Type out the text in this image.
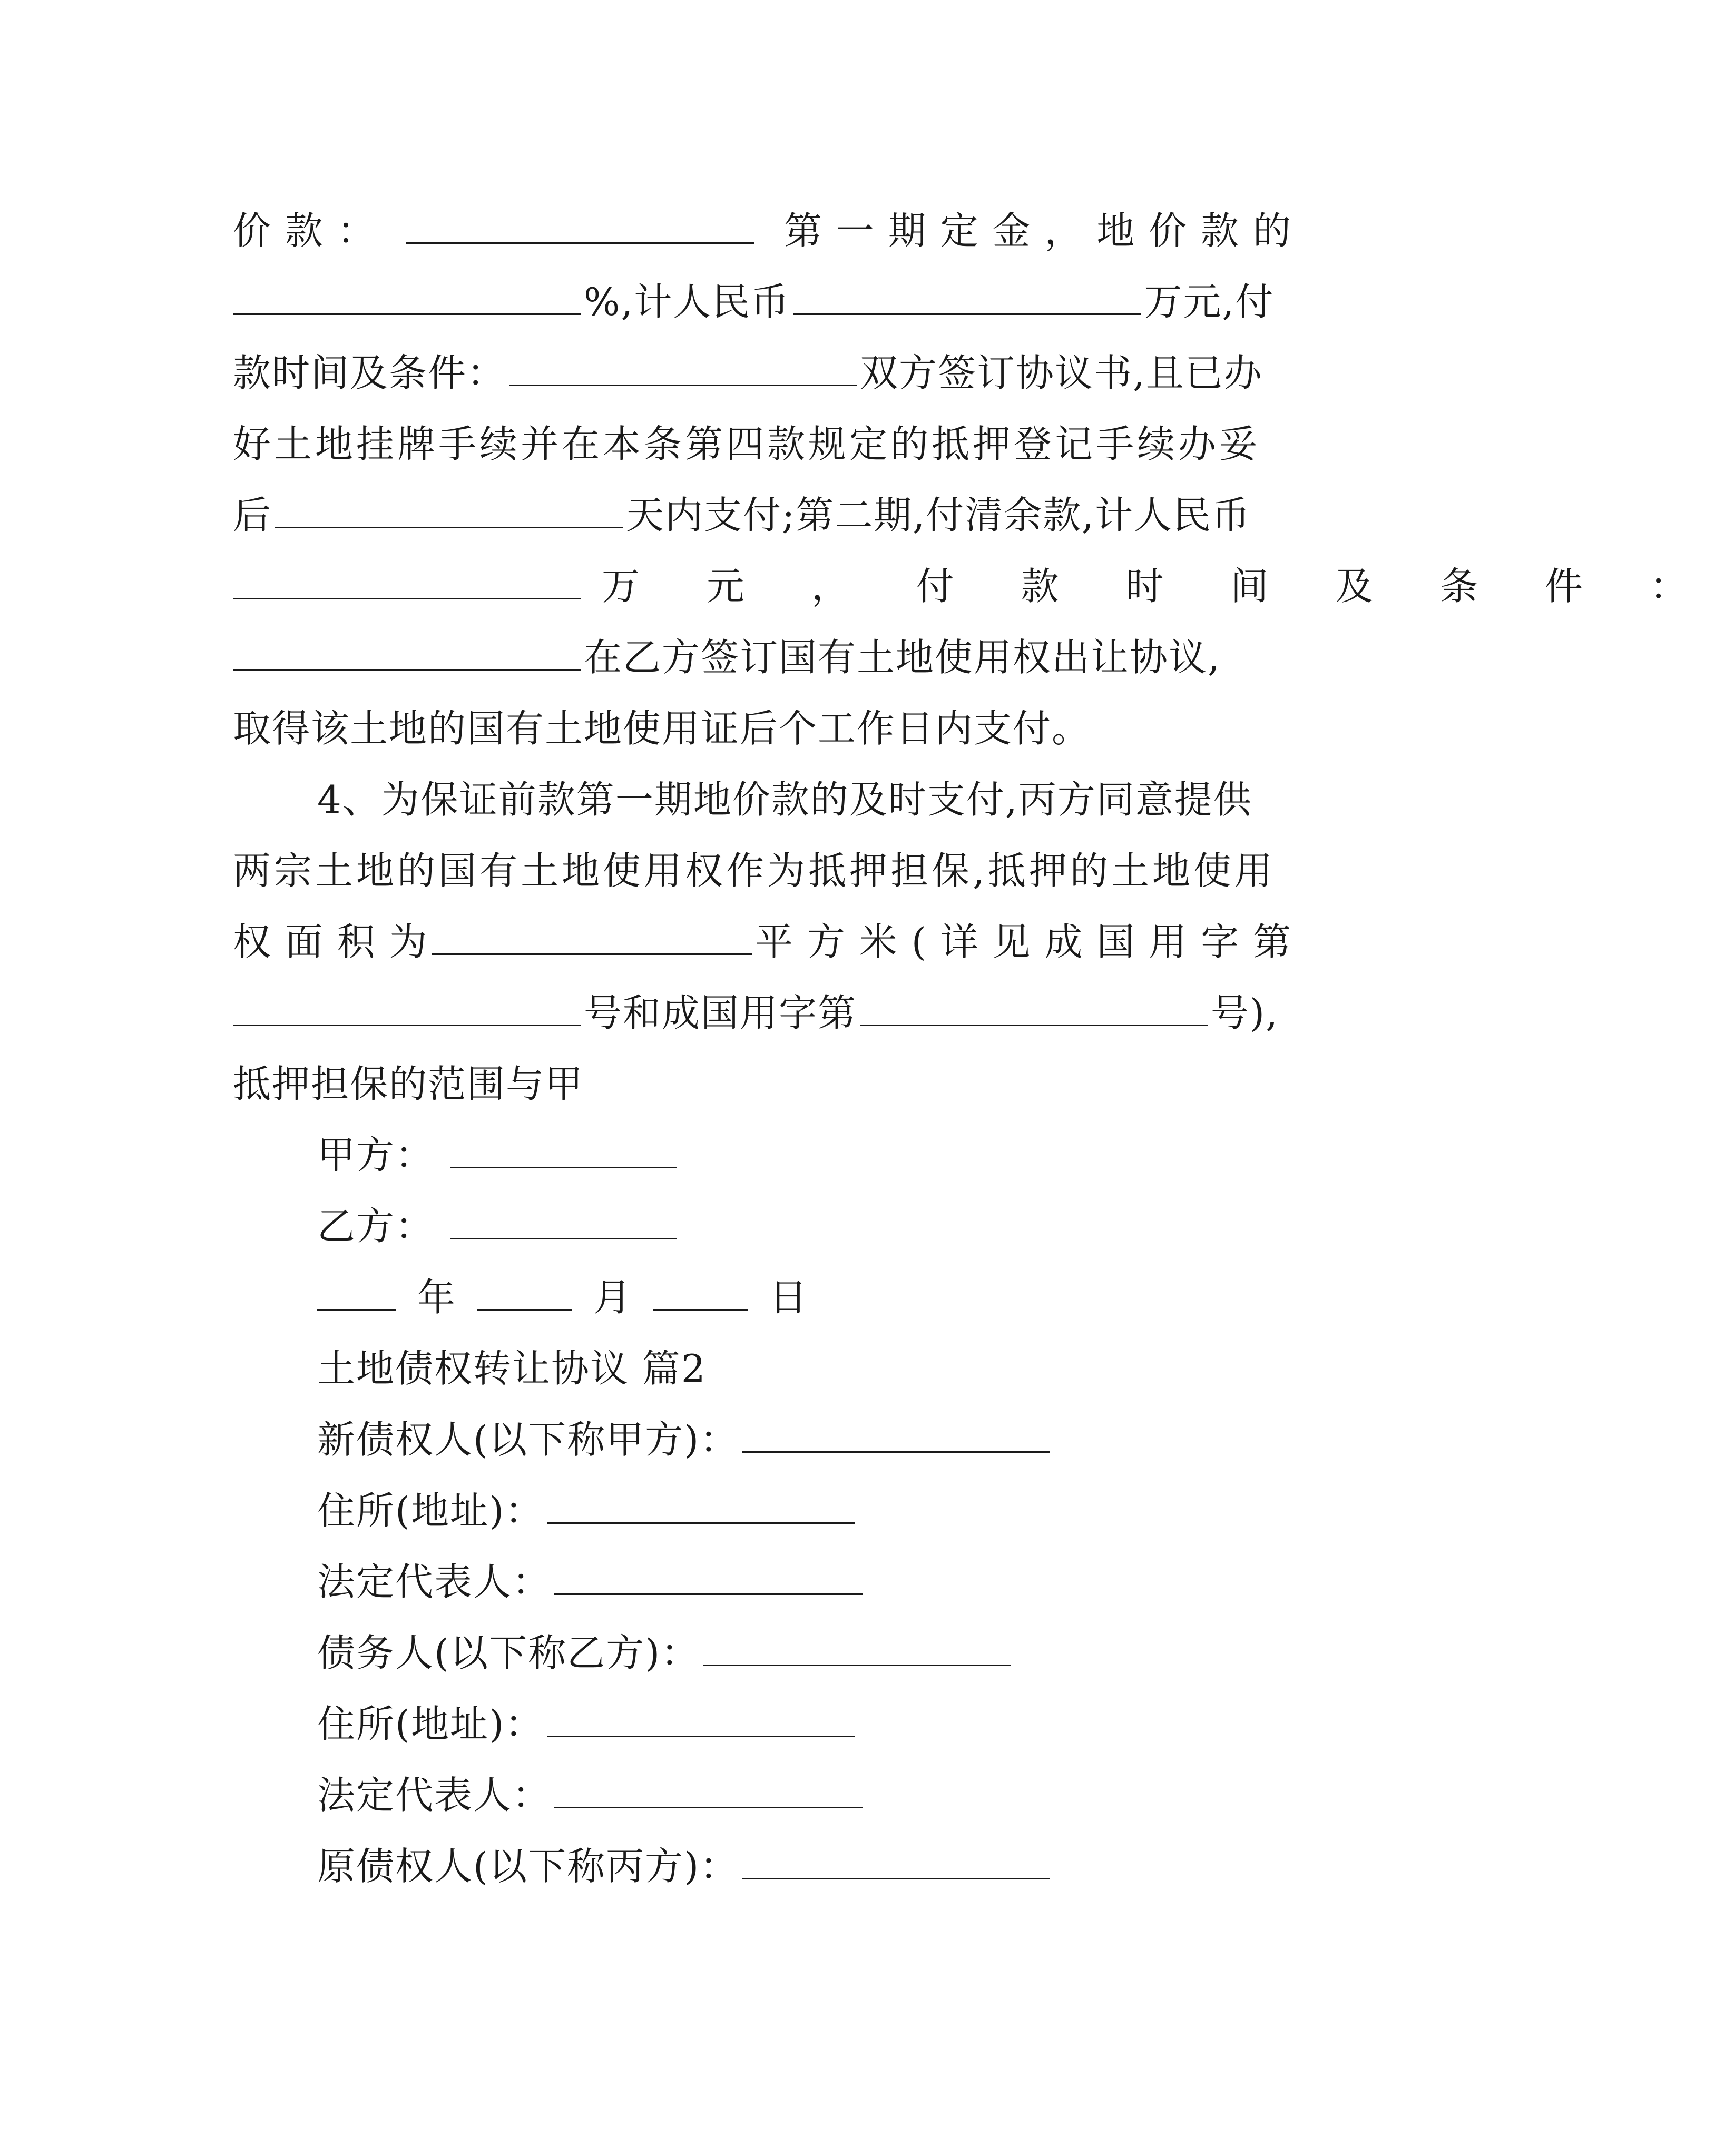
价 款 ：	第 一 期 定 金 ， 地 价 款 的
%,计人民币	万元,付
款时间及条件：	双方签订协议书,且已办
好土地挂牌手续并在本条第四款规定的抵押登记手续办妥
后	天内支付;第二期,付清余款,计人民币
万 元 ， 付 款 时 间 及 条 件 ：
在乙方签订国有土地使用权出让协议,
取得该土地的国有土地使用证后个工作日内支付。
4、为保证前款第一期地价款的及时支付,丙方同意提供
两宗土地的国有土地使用权作为抵押担保,抵押的土地使用
权 面 积 为	平 方 米 ( 详 见 成 国 用 字 第
号和成国用字第	号),
抵押担保的范围与甲
甲方：
乙方：
年	月	日
土地债权转让协议 篇2
新债权人(以下称甲方)：
住所(地址)：
法定代表人：
债务人(以下称乙方)：
住所(地址)：
法定代表人：
原债权人(以下称丙方)：
